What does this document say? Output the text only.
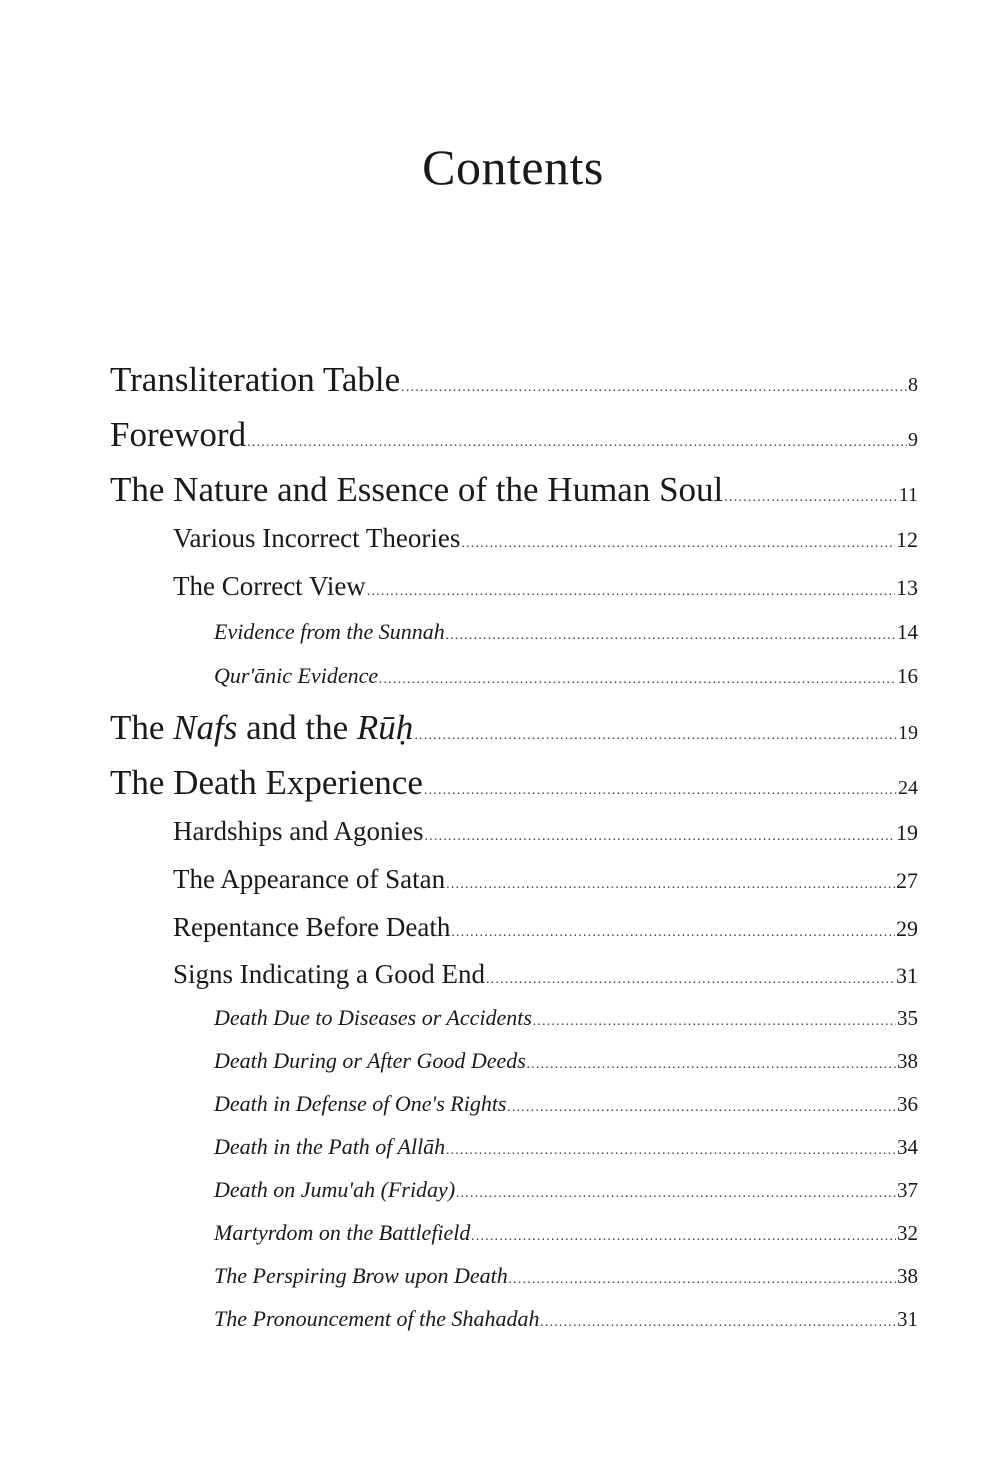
Contents
Transliteration Table .....	8
Foreword .....	9
The Nature and Essence of the Human Soul .....	11
Various Incorrect Theories .....	12
The Correct View .....	13
Evidence from the Sunnah .....	14
Qur'ānic Evidence .....	16
The Nafs and the Rūḥ .....	19
The Death Experience .....	24
Hardships and Agonies .....	19
The Appearance of Satan .....	27
Repentance Before Death .....	29
Signs Indicating a Good End .....	31
Death Due to Diseases or Accidents .....	35
Death During or After Good Deeds .....	38
Death in Defense of One's Rights .....	36
Death in the Path of Allāh .....	34
Death on Jumu'ah (Friday) .....	37
Martyrdom on the Battlefield .....	32
The Perspiring Brow upon Death .....	38
The Pronouncement of the Shahadah .....	31
